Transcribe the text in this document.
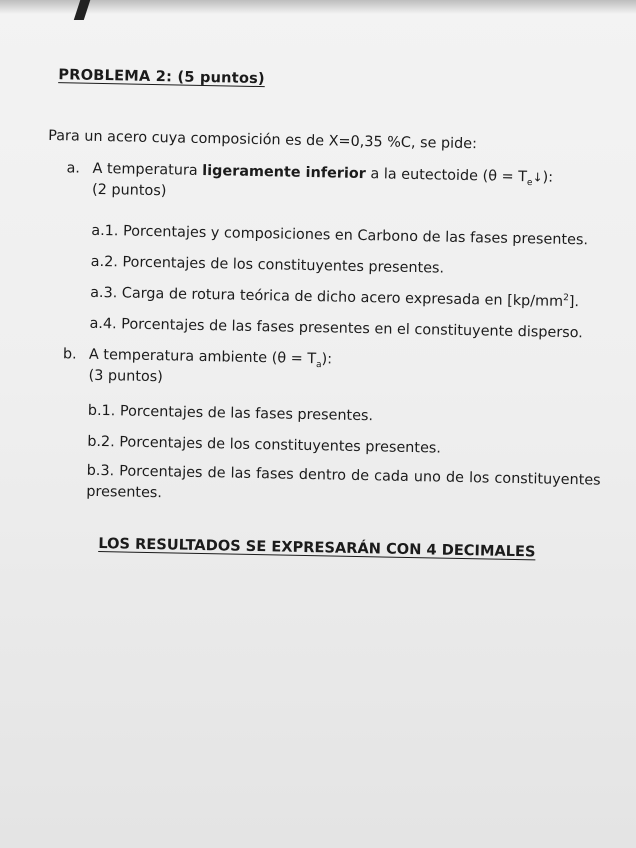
PROBLEMA 2: (5 puntos)
Para un acero cuya composición es de X=0,35 %C, se pide:
a. A temperatura ligeramente inferior a la eutectoide $(\theta = T_e↓)$:
(2 puntos)
a.1. Porcentajes y composiciones en Carbono de las fases presentes.
a.2. Porcentajes de los constituyentes presentes.
a.3. Carga de rotura teórica de dicho acero expresada en $[kp/mm^2]$.
a.4. Porcentajes de las fases presentes en el constituyente disperso.
b. A temperatura ambiente $(\theta = T_a)$:
(3 puntos)
b.1. Porcentajes de las fases presentes.
b.2. Porcentajes de los constituyentes presentes.
b.3. Porcentajes de las fases dentro de cada uno de los constituyentes presentes.
LOS RESULTADOS SE EXPRESARÁN CON 4 DECIMALES
